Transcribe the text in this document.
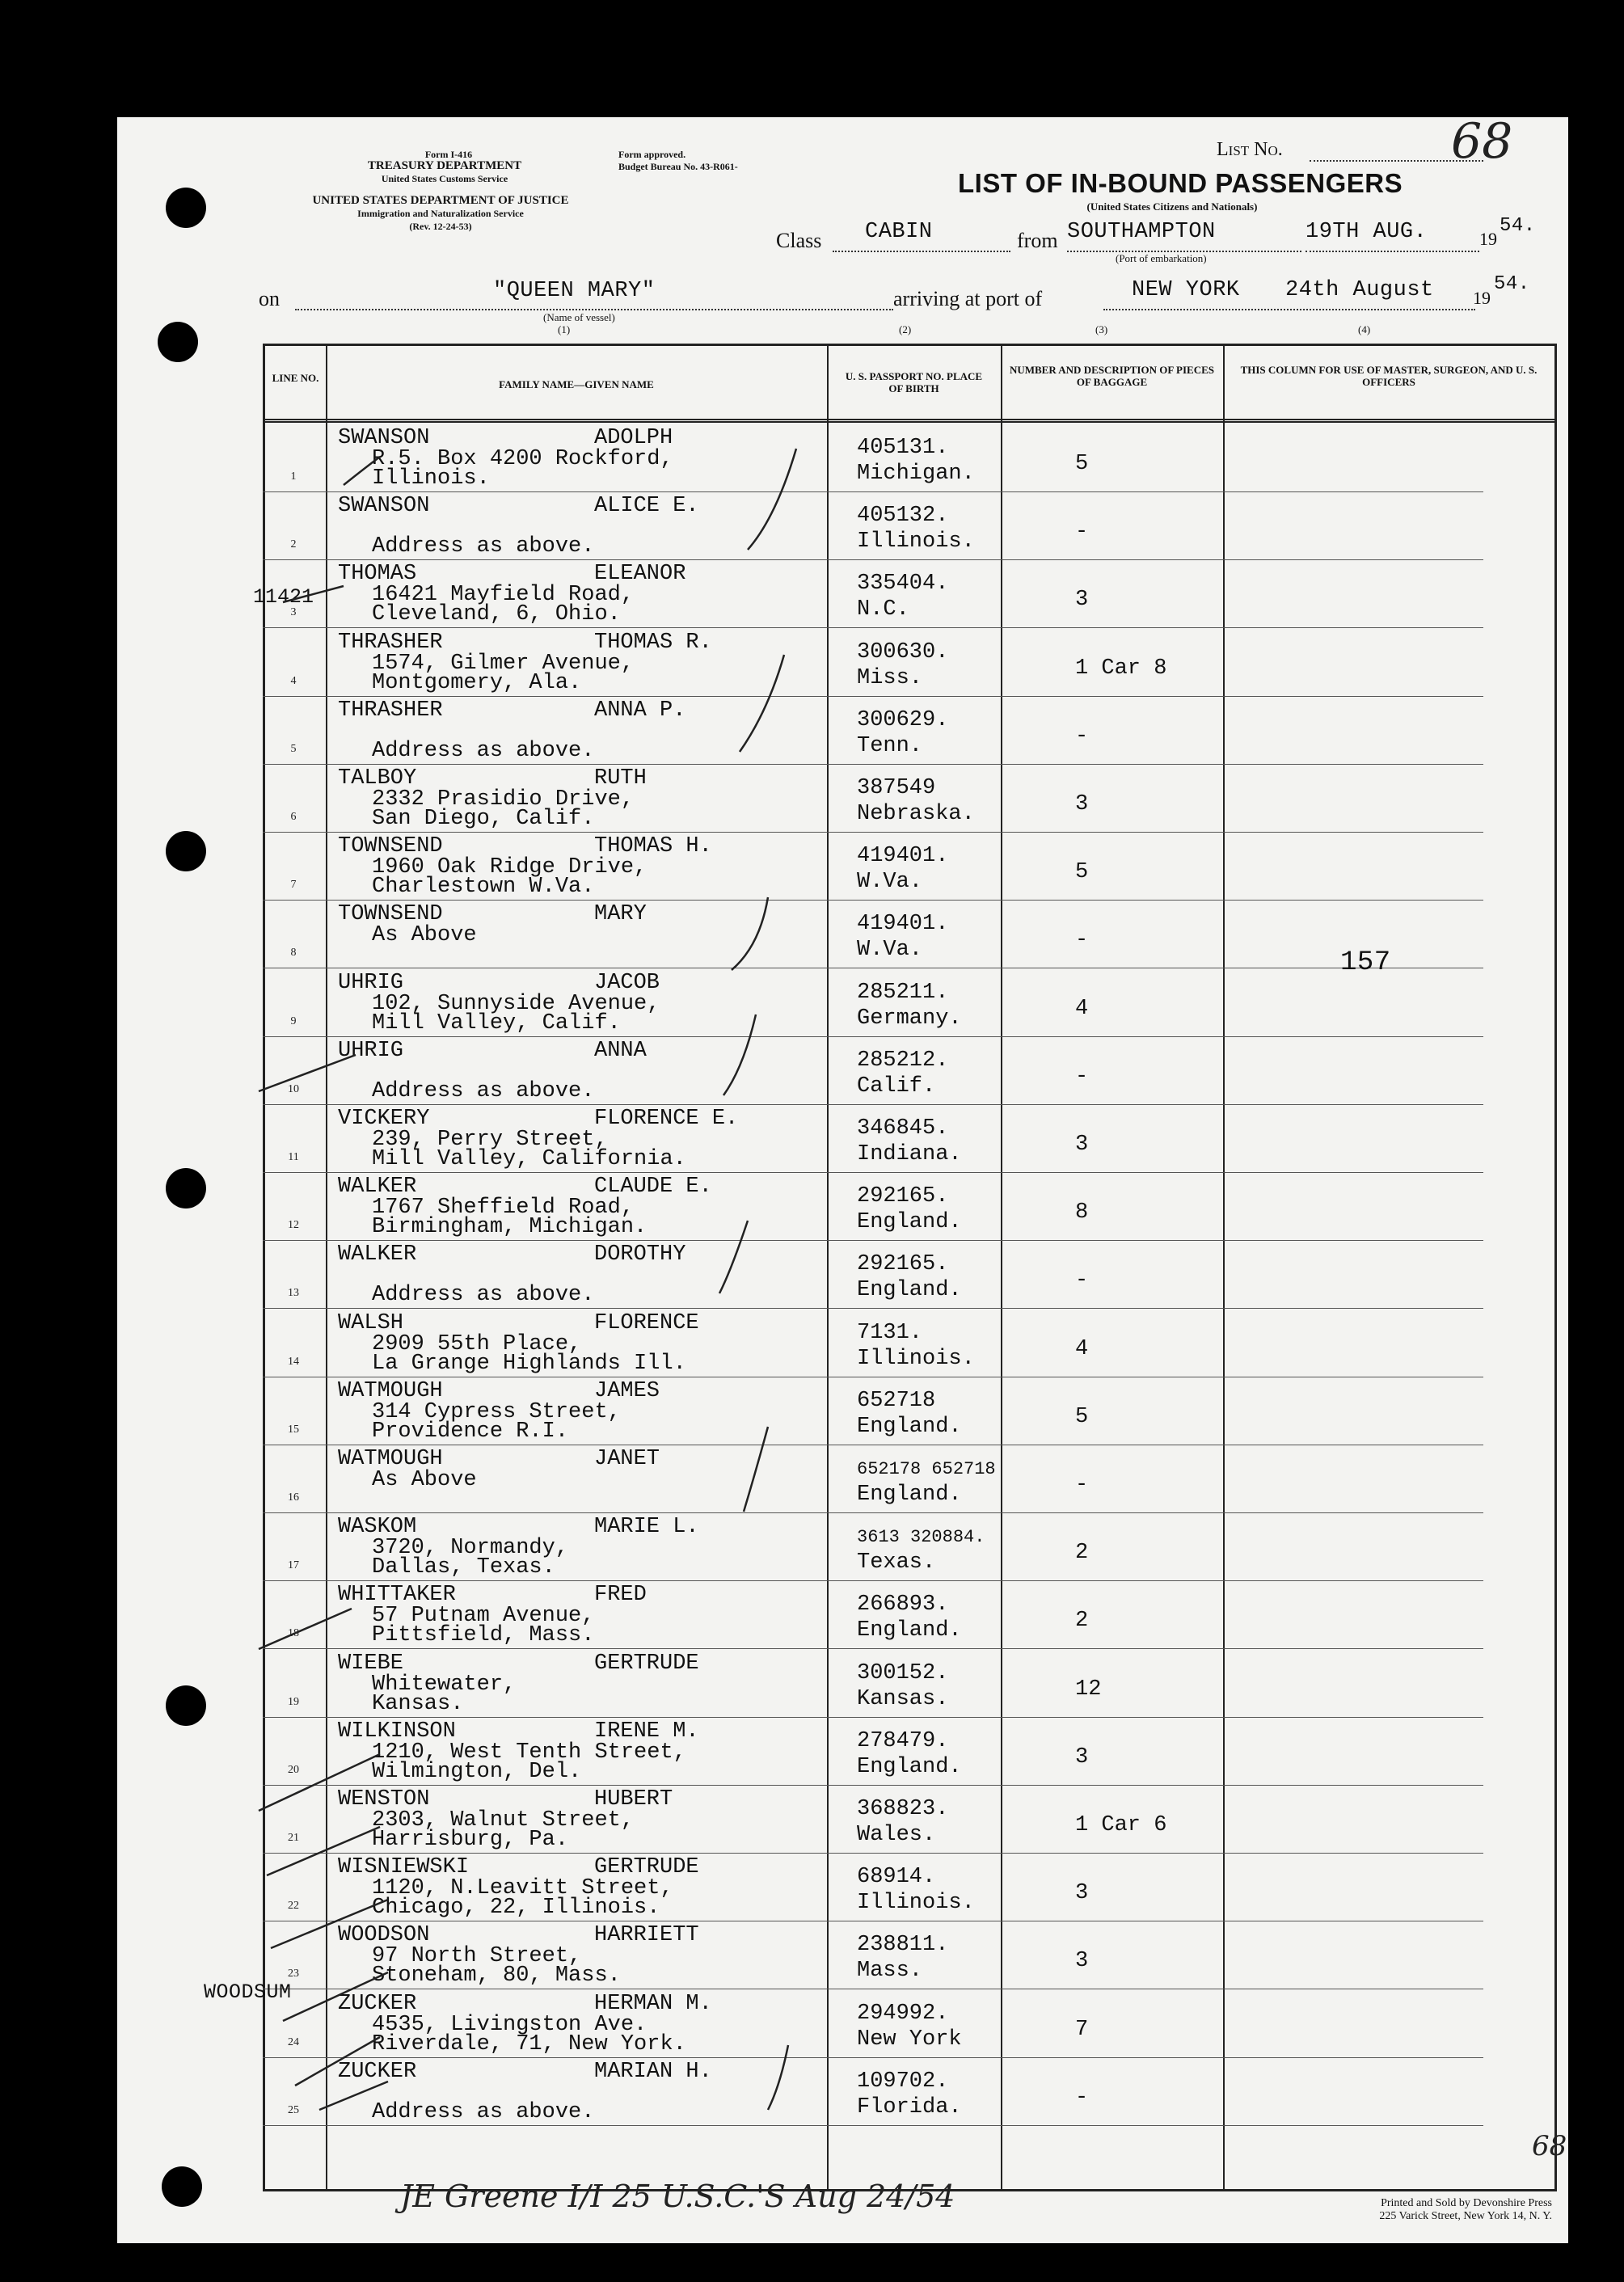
Form I-416
TREASURY DEPARTMENT
United States Customs Service
Form approved.
Budget Bureau No. 43-R061-
UNITED STATES DEPARTMENT OF JUSTICE
Immigration and Naturalization Service
(Rev. 12-24-53)
List No.	68
LIST OF IN-BOUND PASSENGERS
(United States Citizens and Nationals)
Class CABIN	from SOUTHAMPTON
(Port of embarkation)
19TH AUG.	19
54.
on	"QUEEN MARY"
(Name of vessel)
(1)
arriving at port of	NEW YORK 24th August 19
54.
(2)	(3)	(4)
LINE NO.
FAMILY NAME—GIVEN NAME
U. S. PASSPORT NO. PLACE OF BIRTH
NUMBER AND DESCRIPTION OF PIECES OF BAGGAGE
THIS COLUMN FOR USE OF MASTER, SURGEON, AND U. S. OFFICERS
1
SWANSON	ADOLPH
R.5. Box 4200 Rockford,
Illinois.
405131.
Michigan.	5
2
SWANSON	ALICE E.
Address as above.
405132.
Illinois.	-
3
THOMAS	ELEANOR
16421 Mayfield Road,
Cleveland, 6, Ohio.
335404.
N.C.	3
4
THRASHER	THOMAS R.
1574, Gilmer Avenue,
Montgomery, Ala.
300630.
Miss.	1 Car 8
5
THRASHER	ANNA P.
Address as above.
300629.
Tenn.	-
6
TALBOY	RUTH
2332 Prasidio Drive,
San Diego, Calif.
387549
Nebraska.	3
7
TOWNSEND	THOMAS H.
1960 Oak Ridge Drive,
Charlestown W.Va.
419401.
W.Va.	5
8
TOWNSEND	MARY
As Above	419401.
W.Va.	-
9
UHRIG	JACOB
102, Sunnyside Avenue,
Mill Valley, Calif.
285211.
Germany.	4
10
UHRIG	ANNA
Address as above.
285212.
Calif.	-
11
VICKERY	FLORENCE E.
239, Perry Street,
Mill Valley, California.
346845.
Indiana.	3
12
WALKER	CLAUDE E.
1767 Sheffield Road,
Birmingham, Michigan.
292165.
England.	8
13
WALKER	DOROTHY
Address as above.
292165.
England.	-
14
WALSH	FLORENCE
2909 55th Place,
La Grange Highlands Ill.
7131.
Illinois.	4
15
WATMOUGH	JAMES
314 Cypress Street,
Providence R.I.
652718
England.	5
16
WATMOUGH	JANET
As Above	652178 652718
England.	-
17
WASKOM	MARIE L.
3720, Normandy,
Dallas, Texas.
3613 320884.
Texas.	2
18
WHITTAKER	FRED
57 Putnam Avenue,
Pittsfield, Mass.
266893.
England.	2
19
WIEBE	GERTRUDE
Whitewater,
Kansas.
300152.
Kansas.	12
20
WILKINSON	IRENE M.
1210, West Tenth Street,
Wilmington, Del.
278479.
England.	3
21
WENSTON	HUBERT
2303, Walnut Street,
Harrisburg, Pa.
368823.
Wales.	1 Car 6
22
WISNIEWSKI	GERTRUDE
1120, N.Leavitt Street,
Chicago, 22, Illinois.
68914.
Illinois.	3
23
WOODSON	HARRIETT
97 North Street,
Stoneham, 80, Mass.
238811.
Mass.	3
24
ZUCKER	HERMAN M.
4535, Livingston Ave.
Riverdale, 71, New York.
294992.
New York	7
25
ZUCKER	MARIAN H.
Address as above.
109702.
Florida.	-
11421
WOODSUM
157
68
JE Greene I/I 25 U.S.C.'S Aug 24/54	Printed and Sold by Devonshire Press
225 Varick Street, New York 14, N. Y.
